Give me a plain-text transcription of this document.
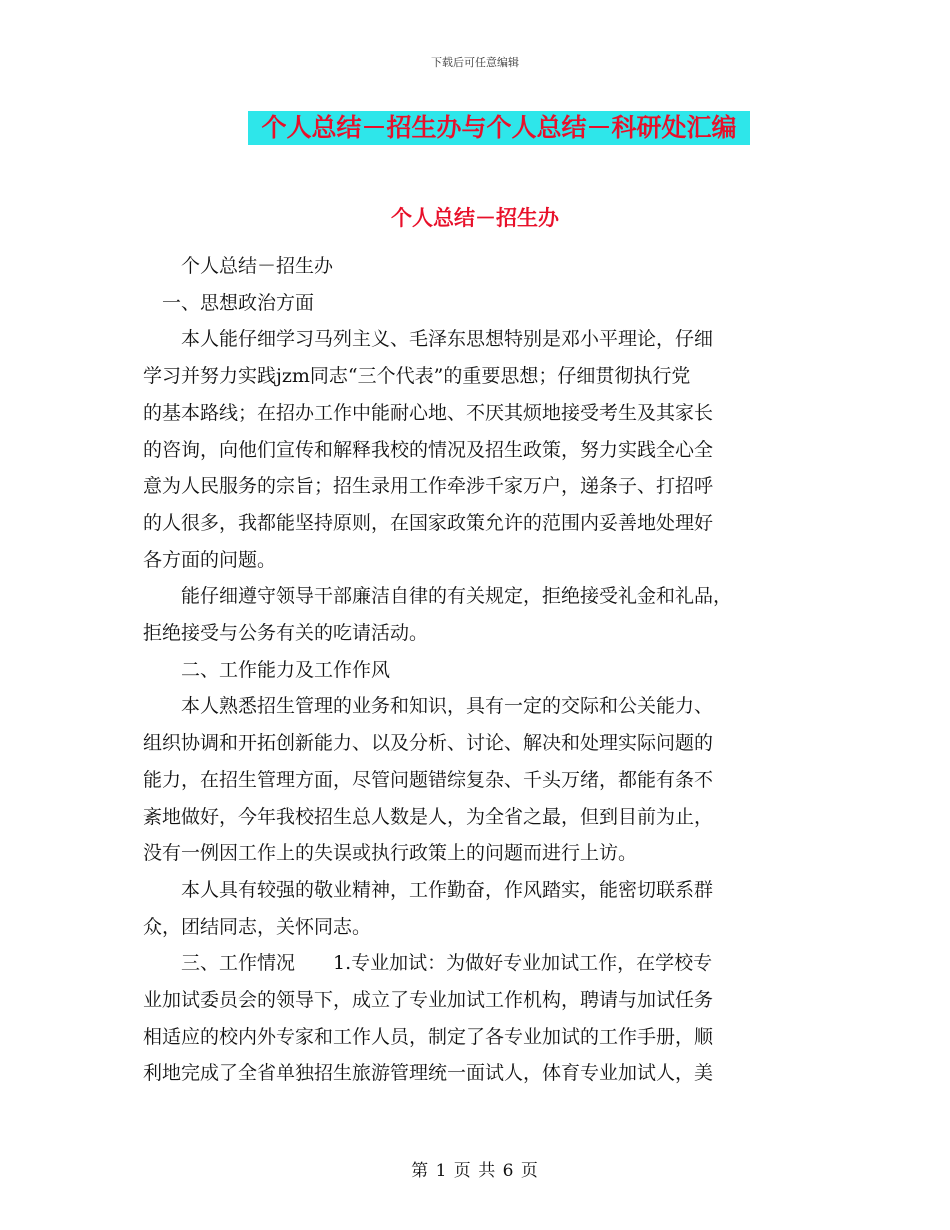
下载后可任意编辑
个人总结－招生办与个人总结－科研处汇编
个人总结－招生办

　个人总结－招生办

一、思想政治方面

　本人能仔细学习马列主义、毛泽东思想特别是邓小平理论，仔细

学习并努力实践jzm同志“三个代表”的重要思想；仔细贯彻执行党

的基本路线；在招办工作中能耐心地、不厌其烦地接受考生及其家长

的咨询，向他们宣传和解释我校的情况及招生政策，努力实践全心全

意为人民服务的宗旨；招生录用工作牵涉千家万户，递条子、打招呼

的人很多，我都能坚持原则，在国家政策允许的范围内妥善地处理好

各方面的问题。

　能仔细遵守领导干部廉洁自律的有关规定，拒绝接受礼金和礼品，

拒绝接受与公务有关的吃请活动。

　二、工作能力及工作作风

　本人熟悉招生管理的业务和知识，具有一定的交际和公关能力、

组织协调和开拓创新能力、以及分析、讨论、解决和处理实际问题的

能力，在招生管理方面，尽管问题错综复杂、千头万绪，都能有条不

紊地做好，今年我校招生总人数是人，为全省之最，但到目前为止，

没有一例因工作上的失误或执行政策上的问题而进行上访。

　本人具有较强的敬业精神，工作勤奋，作风踏实，能密切联系群

众，团结同志，关怀同志。

　三、工作情况　　1.专业加试：为做好专业加试工作，在学校专

业加试委员会的领导下，成立了专业加试工作机构，聘请与加试任务

相适应的校内外专家和工作人员，制定了各专业加试的工作手册，顺

利地完成了全省单独招生旅游管理统一面试人，体育专业加试人，美

第 1 页 共 6 页
